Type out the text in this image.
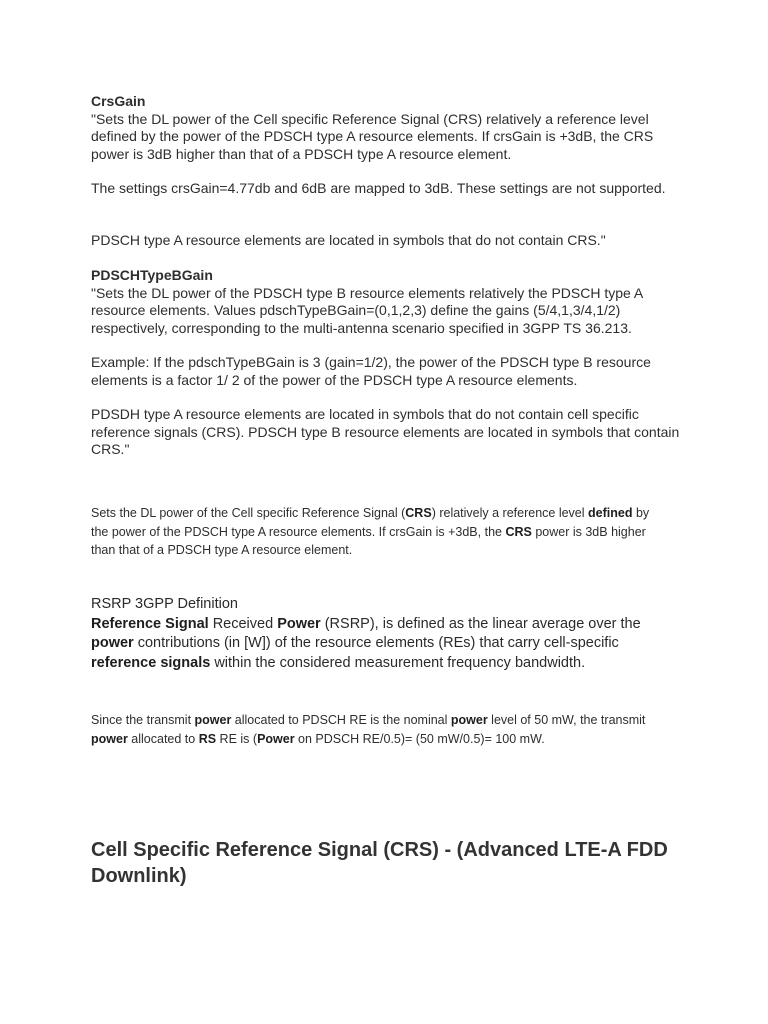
CrsGain
"Sets the DL power of the Cell specific Reference Signal (CRS) relatively a reference level defined by the power of the PDSCH type A resource elements. If crsGain is +3dB, the CRS power is 3dB higher than that of a PDSCH type A resource element.
The settings crsGain=4.77db and 6dB are mapped to 3dB. These settings are not supported.
PDSCH type A resource elements are located in symbols that do not contain CRS."
PDSCHTypeBGain
"Sets the DL power of the PDSCH type B resource elements relatively the PDSCH type A resource elements. Values pdschTypeBGain=(0,1,2,3) define the gains (5/4,1,3/4,1/2) respectively, corresponding to the multi-antenna scenario specified in 3GPP TS 36.213.
Example: If the pdschTypeBGain is 3 (gain=1/2), the power of the PDSCH type B resource elements is a factor 1/ 2 of the power of the PDSCH type A resource elements.
PDSDH type A resource elements are located in symbols that do not contain cell specific reference signals (CRS). PDSCH type B resource elements are located in symbols that contain CRS."
Sets the DL power of the Cell specific Reference Signal (CRS) relatively a reference level defined by the power of the PDSCH type A resource elements. If crsGain is +3dB, the CRS power is 3dB higher than that of a PDSCH type A resource element.
RSRP 3GPP Definition
Reference Signal Received Power (RSRP), is defined as the linear average over the power contributions (in [W]) of the resource elements (REs) that carry cell-specific reference signals within the considered measurement frequency bandwidth.
Since the transmit power allocated to PDSCH RE is the nominal power level of 50 mW, the transmit power allocated to RS RE is (Power on PDSCH RE/0.5)= (50 mW/0.5)= 100 mW.
Cell Specific Reference Signal (CRS) - (Advanced LTE-A FDD Downlink)
